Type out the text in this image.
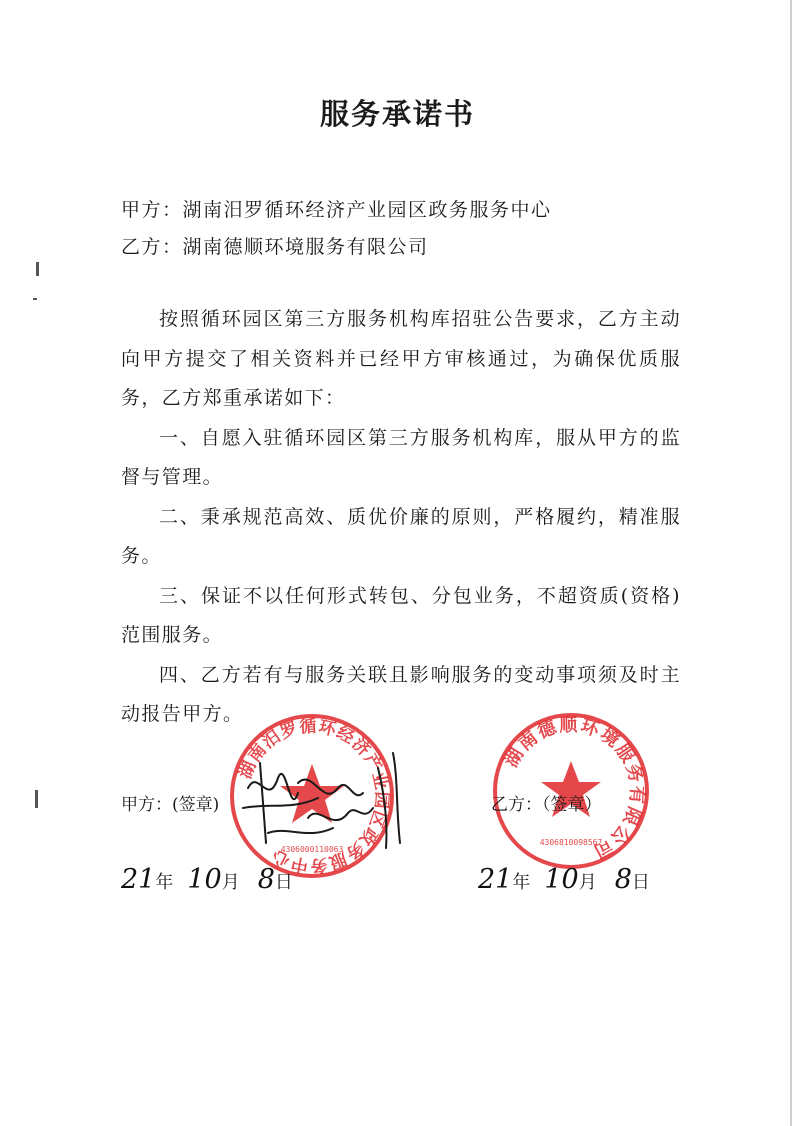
服务承诺书
甲方：湖南汨罗循环经济产业园区政务服务中心
乙方：湖南德顺环境服务有限公司

按照循环园区第三方服务机构库招驻公告要求，乙方主动向甲方提交了相关资料并已经甲方审核通过，为确保优质服务，乙方郑重承诺如下：

一、自愿入驻循环园区第三方服务机构库，服从甲方的监督与管理。

二、秉承规范高效、质优价廉的原则，严格履约，精准服务。

三、保证不以任何形式转包、分包业务，不超资质(资格)范围服务。

四、乙方若有与服务关联且影响服务的变动事项须及时主动报告甲方。

湖南汨罗循环经济产业园区政务服务中心
4306000110063
湖南德顺环境服务有限公司
4306810098567
甲方：(签章)	乙方：（签章）
21年 10月 8日	21年 10月 8日
